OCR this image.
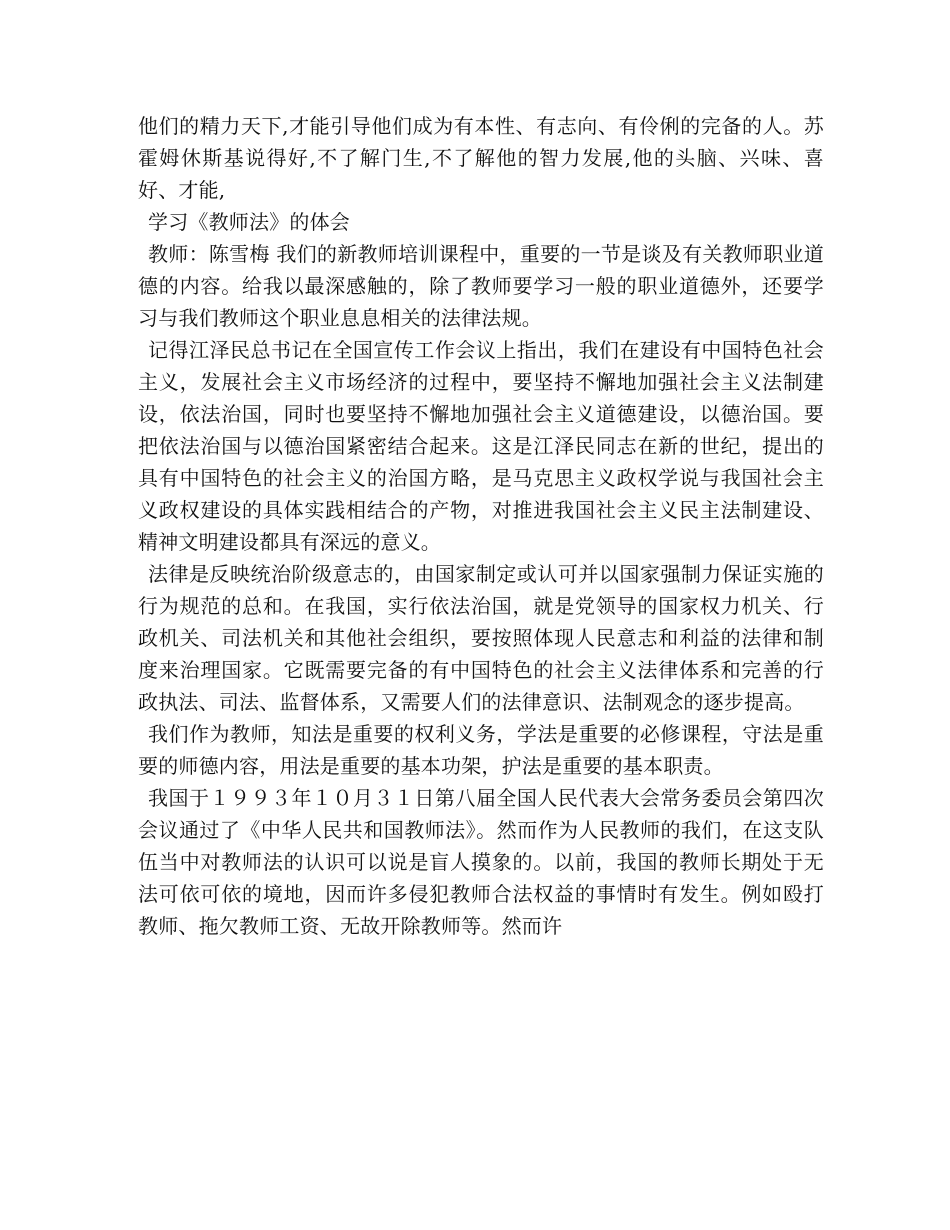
他们的精力天下,才能引导他们成为有本性、有志向、有伶俐的完备的人。苏霍姆休斯基说得好,不了解门生,不了解他的智力发展,他的头脑、兴味、喜好、才能,

学习《教师法》的体会

教师：陈雪梅 我们的新教师培训课程中，重要的一节是谈及有关教师职业道德的内容。给我以最深感触的，除了教师要学习一般的职业道德外，还要学习与我们教师这个职业息息相关的法律法规。

记得江泽民总书记在全国宣传工作会议上指出，我们在建设有中国特色社会主义，发展社会主义市场经济的过程中，要坚持不懈地加强社会主义法制建设，依法治国，同时也要坚持不懈地加强社会主义道德建设，以德治国。要把依法治国与以德治国紧密结合起来。这是江泽民同志在新的世纪，提出的具有中国特色的社会主义的治国方略，是马克思主义政权学说与我国社会主义政权建设的具体实践相结合的产物，对推进我国社会主义民主法制建设、精神文明建设都具有深远的意义。

法律是反映统治阶级意志的，由国家制定或认可并以国家强制力保证实施的行为规范的总和。在我国，实行依法治国，就是党领导的国家权力机关、行政机关、司法机关和其他社会组织，要按照体现人民意志和利益的法律和制度来治理国家。它既需要完备的有中国特色的社会主义法律体系和完善的行政执法、司法、监督体系，又需要人们的法律意识、法制观念的逐步提高。

我们作为教师，知法是重要的权利义务，学法是重要的必修课程，守法是重要的师德内容，用法是重要的基本功架，护法是重要的基本职责。

我国于１９９３年１０月３１日第八届全国人民代表大会常务委员会第四次会议通过了《中华人民共和国教师法》。然而作为人民教师的我们，在这支队伍当中对教师法的认识可以说是盲人摸象的。以前，我国的教师长期处于无法可依可依的境地，因而许多侵犯教师合法权益的事情时有发生。例如殴打教师、拖欠教师工资、无故开除教师等。然而许
